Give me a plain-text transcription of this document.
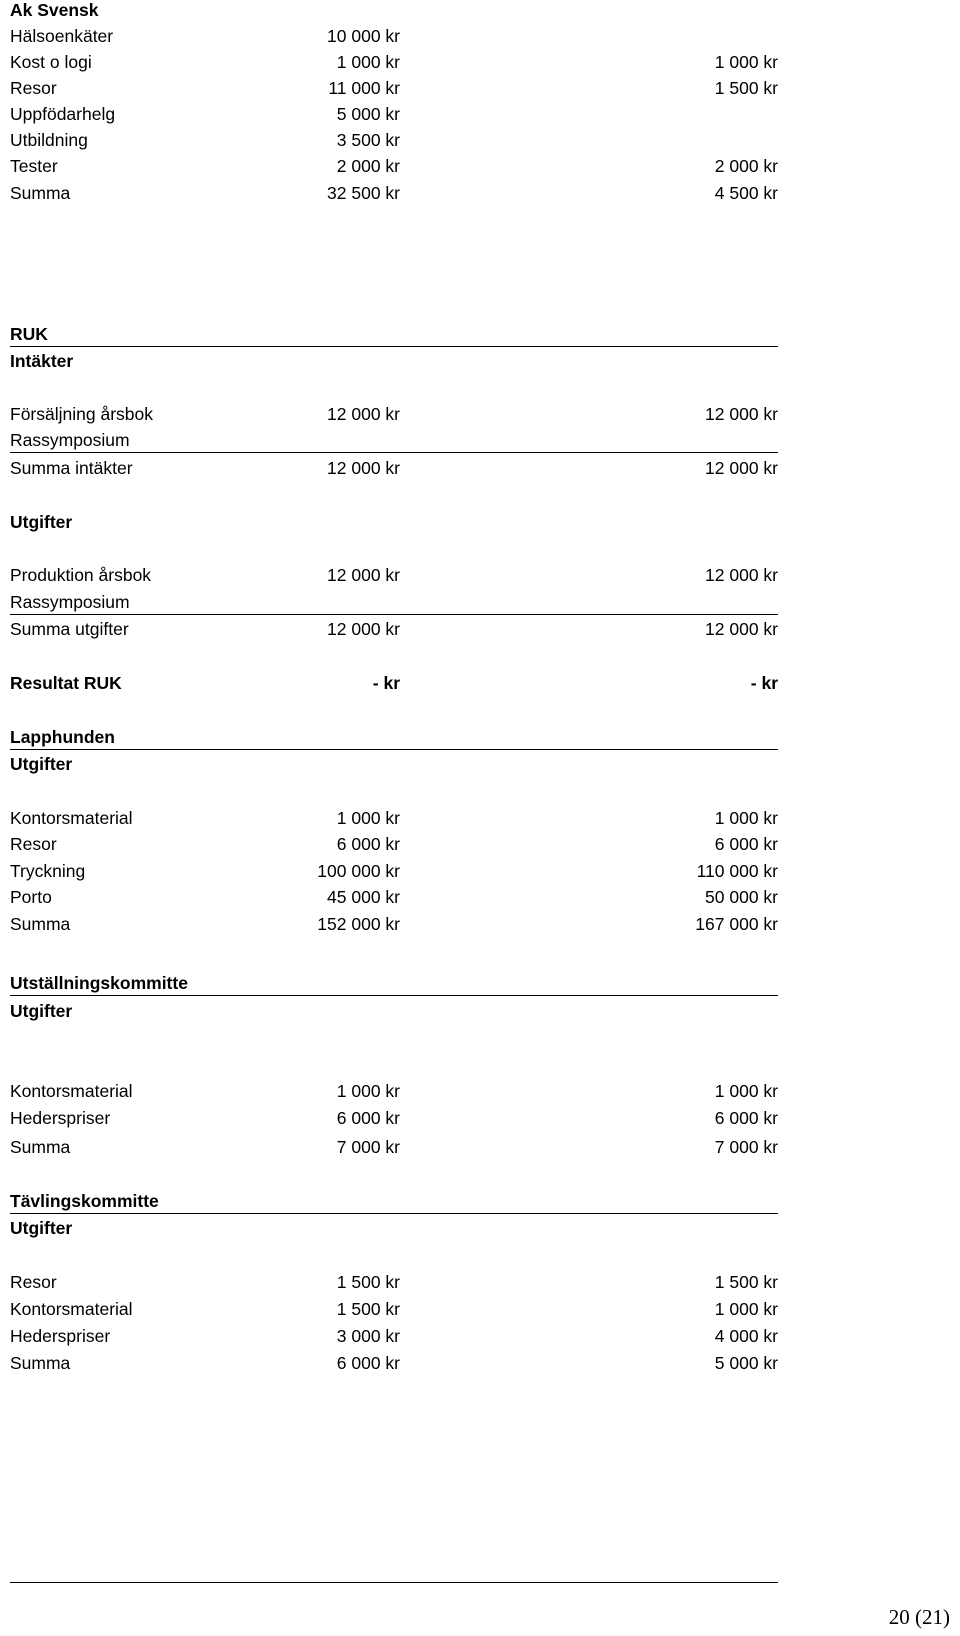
Ak Svensk
Hälsoenkäter	10 000 kr
Kost o logi	1 000 kr	1 000 kr
Resor	11 000 kr	1 500 kr
Uppfödarhelg	5 000 kr
Utbildning	3 500 kr
Tester	2 000 kr	2 000 kr
Summa	32 500 kr	4 500 kr
RUK
Intäkter
Försäljning årsbok	12 000 kr	12 000 kr
Rassymposium
Summa intäkter	12 000 kr	12 000 kr
Utgifter
Produktion årsbok	12 000 kr	12 000 kr
Rassymposium
Summa utgifter	12 000 kr	12 000 kr
Resultat RUK	- kr	- kr
Lapphunden
Utgifter
Kontorsmaterial	1 000 kr	1 000 kr
Resor	6 000 kr	6 000 kr
Tryckning	100 000 kr	110 000 kr
Porto	45 000 kr	50 000 kr
Summa	152 000 kr	167 000 kr
Utställningskommitte
Utgifter
Kontorsmaterial	1 000 kr	1 000 kr
Hederspriser	6 000 kr	6 000 kr
Summa	7 000 kr	7 000 kr
Tävlingskommitte
Utgifter
Resor	1 500 kr	1 500 kr
Kontorsmaterial	1 500 kr	1 000 kr
Hederspriser	3 000 kr	4 000 kr
Summa	6 000 kr	5 000 kr
20 (21)
